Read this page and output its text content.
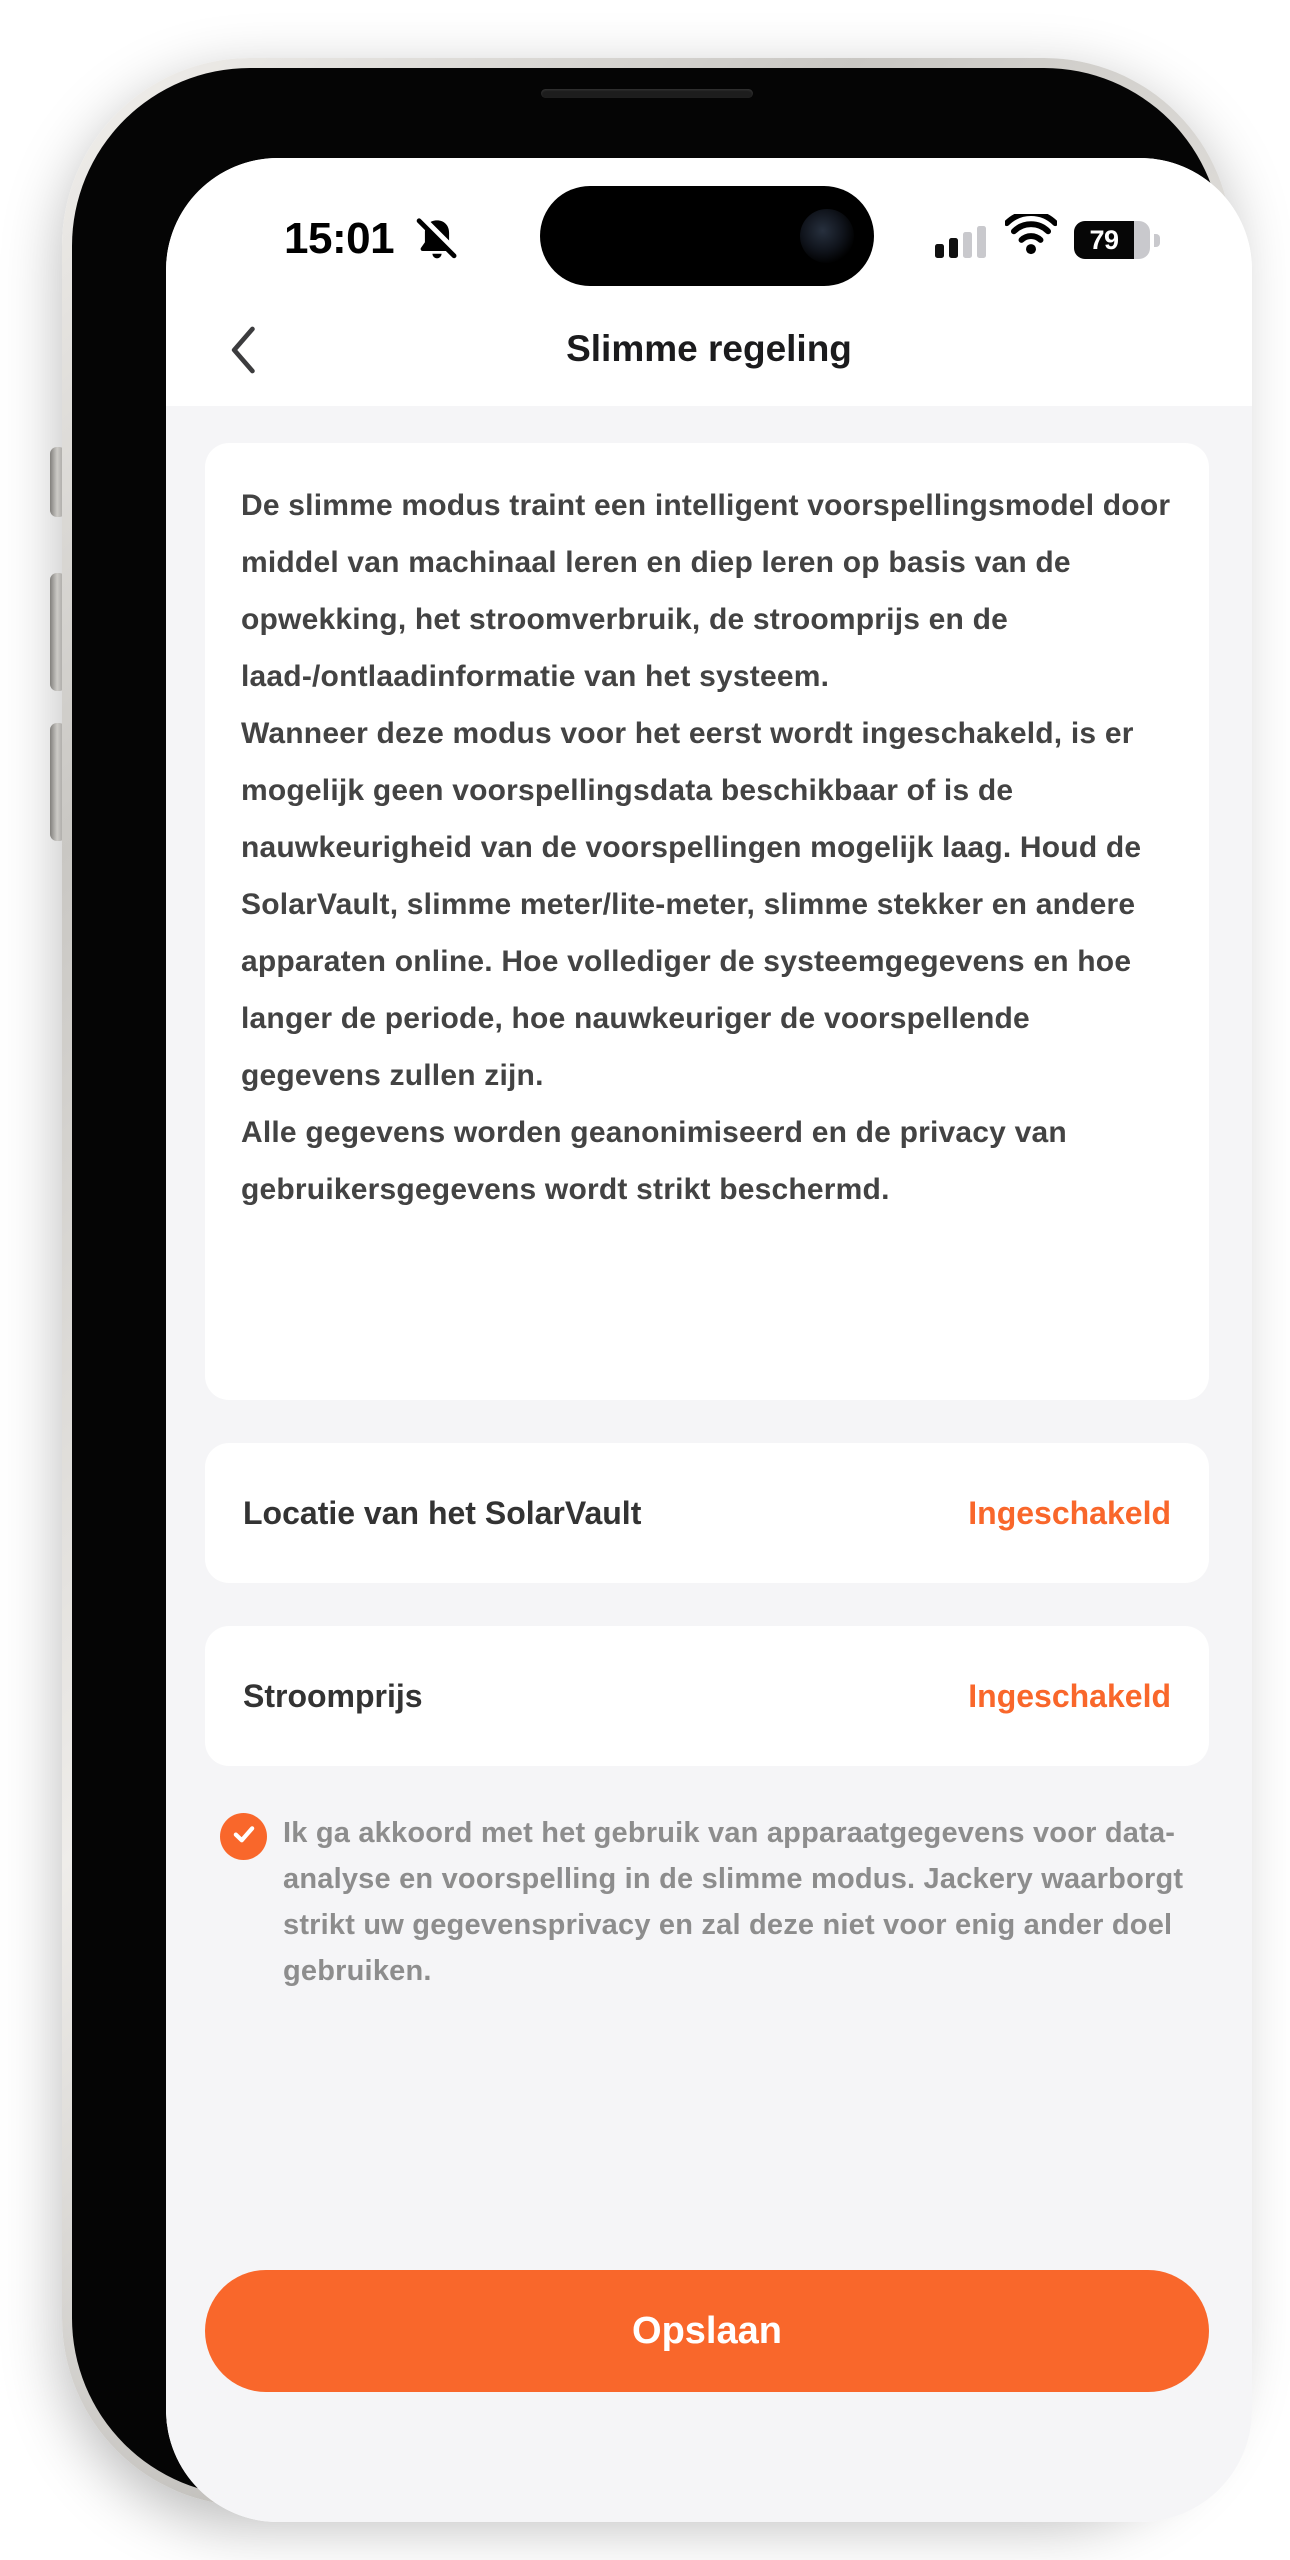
15:01	79
Slimme regeling

De slimme modus traint een intelligent voorspellingsmodel door middel van machinaal leren en diep leren op basis van de opwekking, het stroomverbruik, de stroomprijs en de laad-/ontlaadinformatie van het systeem.

Wanneer deze modus voor het eerst wordt ingeschakeld, is er mogelijk geen voorspellingsdata beschikbaar of is de nauwkeurigheid van de voorspellingen mogelijk laag. Houd de SolarVault, slimme meter/lite-meter, slimme stekker en andere apparaten online. Hoe vollediger de systeemgegevens en hoe langer de periode, hoe nauwkeuriger de voorspellende gegevens zullen zijn.

Alle gegevens worden geanonimiseerd en de privacy van gebruikersgegevens wordt strikt beschermd.

Locatie van het SolarVault	Ingeschakeld
Stroomprijs	Ingeschakeld
Ik ga akkoord met het gebruik van apparaatgegevens voor data-analyse en voorspelling in de slimme modus. Jackery waarborgt strikt uw gegevensprivacy en zal deze niet voor enig ander doel gebruiken.
Opslaan
